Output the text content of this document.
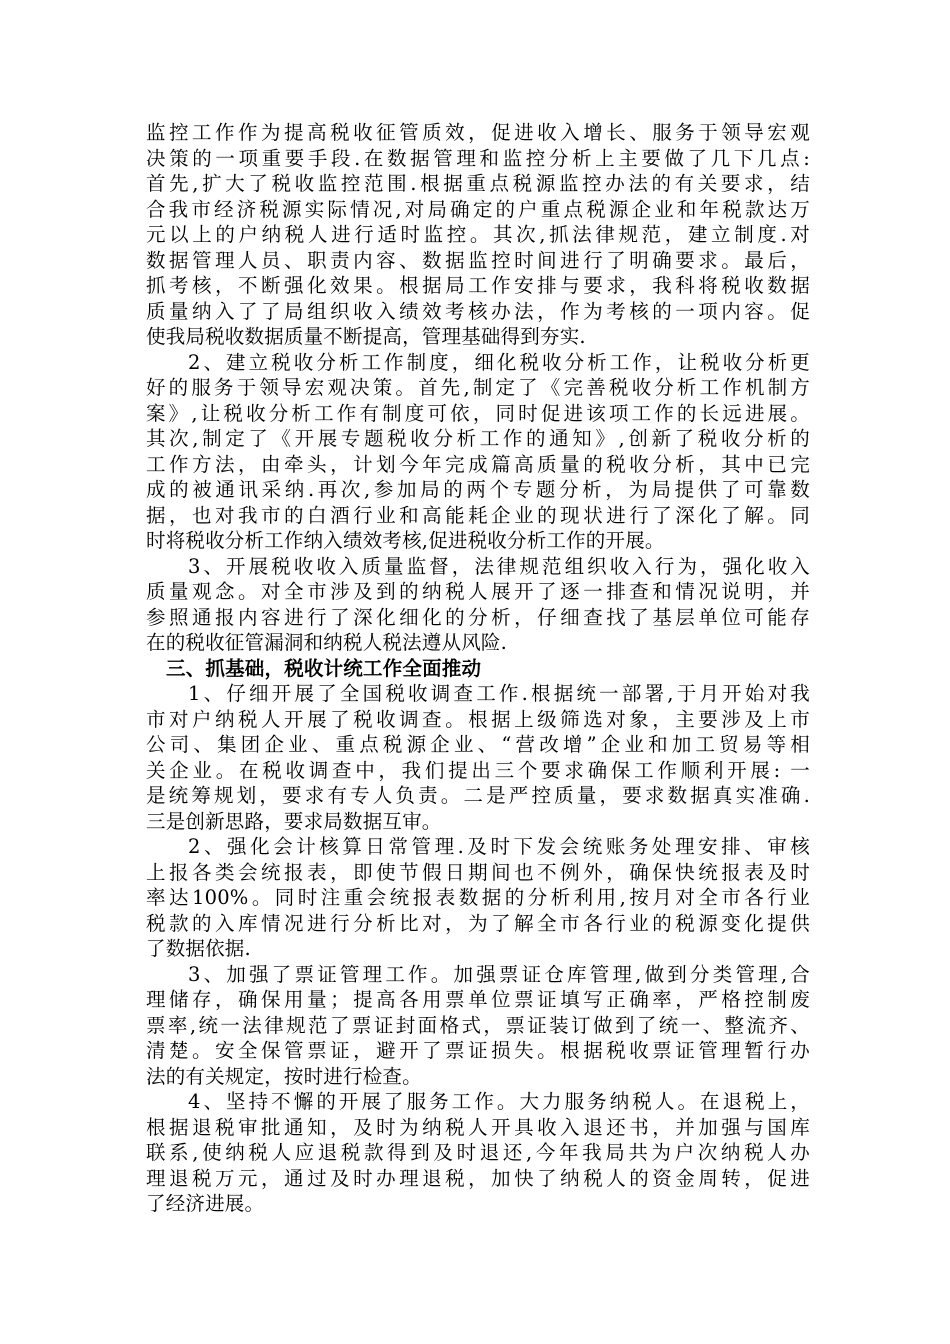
监控工作作为提高税收征管质效，促进收入增长、服务于领导宏观
决策的一项重要手段.在数据管理和监控分析上主要做了几下几点:
首先,扩大了税收监控范围.根据重点税源监控办法的有关要求，结
合我市经济税源实际情况,对局确定的户重点税源企业和年税款达万
元以上的户纳税人进行适时监控。其次,抓法律规范，建立制度.对
数据管理人员、职责内容、数据监控时间进行了明确要求。最后，
抓考核，不断强化效果。根据局工作安排与要求，我科将税收数据
质量纳入了了局组织收入绩效考核办法，作为考核的一项内容。促
使我局税收数据质量不断提高，管理基础得到夯实.
2、建立税收分析工作制度，细化税收分析工作，让税收分析更
好的服务于领导宏观决策。首先,制定了《完善税收分析工作机制方
案》,让税收分析工作有制度可依，同时促进该项工作的长远进展。
其次,制定了《开展专题税收分析工作的通知》,创新了税收分析的
工作方法，由牵头，计划今年完成篇高质量的税收分析，其中已完
成的被通讯采纳.再次,参加局的两个专题分析，为局提供了可靠数
据，也对我市的白酒行业和高能耗企业的现状进行了深化了解。同
时将税收分析工作纳入绩效考核,促进税收分析工作的开展。
3、开展税收收入质量监督，法律规范组织收入行为，强化收入
质量观念。对全市涉及到的纳税人展开了逐一排查和情况说明，并
参照通报内容进行了深化细化的分析，仔细查找了基层单位可能存
在的税收征管漏洞和纳税人税法遵从风险.
三、抓基础，税收计统工作全面推动
1、仔细开展了全国税收调查工作.根据统一部署,于月开始对我
市对户纳税人开展了税收调查。根据上级筛选对象，主要涉及上市
公司、集团企业、重点税源企业、“营改增”企业和加工贸易等相
关企业。在税收调查中，我们提出三个要求确保工作顺利开展: 一
是统筹规划，要求有专人负责。二是严控质量，要求数据真实准确.
三是创新思路，要求局数据互审。
2、强化会计核算日常管理.及时下发会统账务处理安排、审核
上报各类会统报表，即使节假日期间也不例外，确保快统报表及时
率达100%。同时注重会统报表数据的分析利用,按月对全市各行业
税款的入库情况进行分析比对，为了解全市各行业的税源变化提供
了数据依据.
3、加强了票证管理工作。加强票证仓库管理,做到分类管理,合
理储存，确保用量；提高各用票单位票证填写正确率，严格控制废
票率,统一法律规范了票证封面格式，票证装订做到了统一、整流齐、
清楚。安全保管票证，避开了票证损失。根据税收票证管理暂行办
法的有关规定，按时进行检查。
4、坚持不懈的开展了服务工作。大力服务纳税人。在退税上，
根据退税审批通知，及时为纳税人开具收入退还书，并加强与国库
联系,使纳税人应退税款得到及时退还,今年我局共为户次纳税人办
理退税万元，通过及时办理退税，加快了纳税人的资金周转，促进
了经济进展。
